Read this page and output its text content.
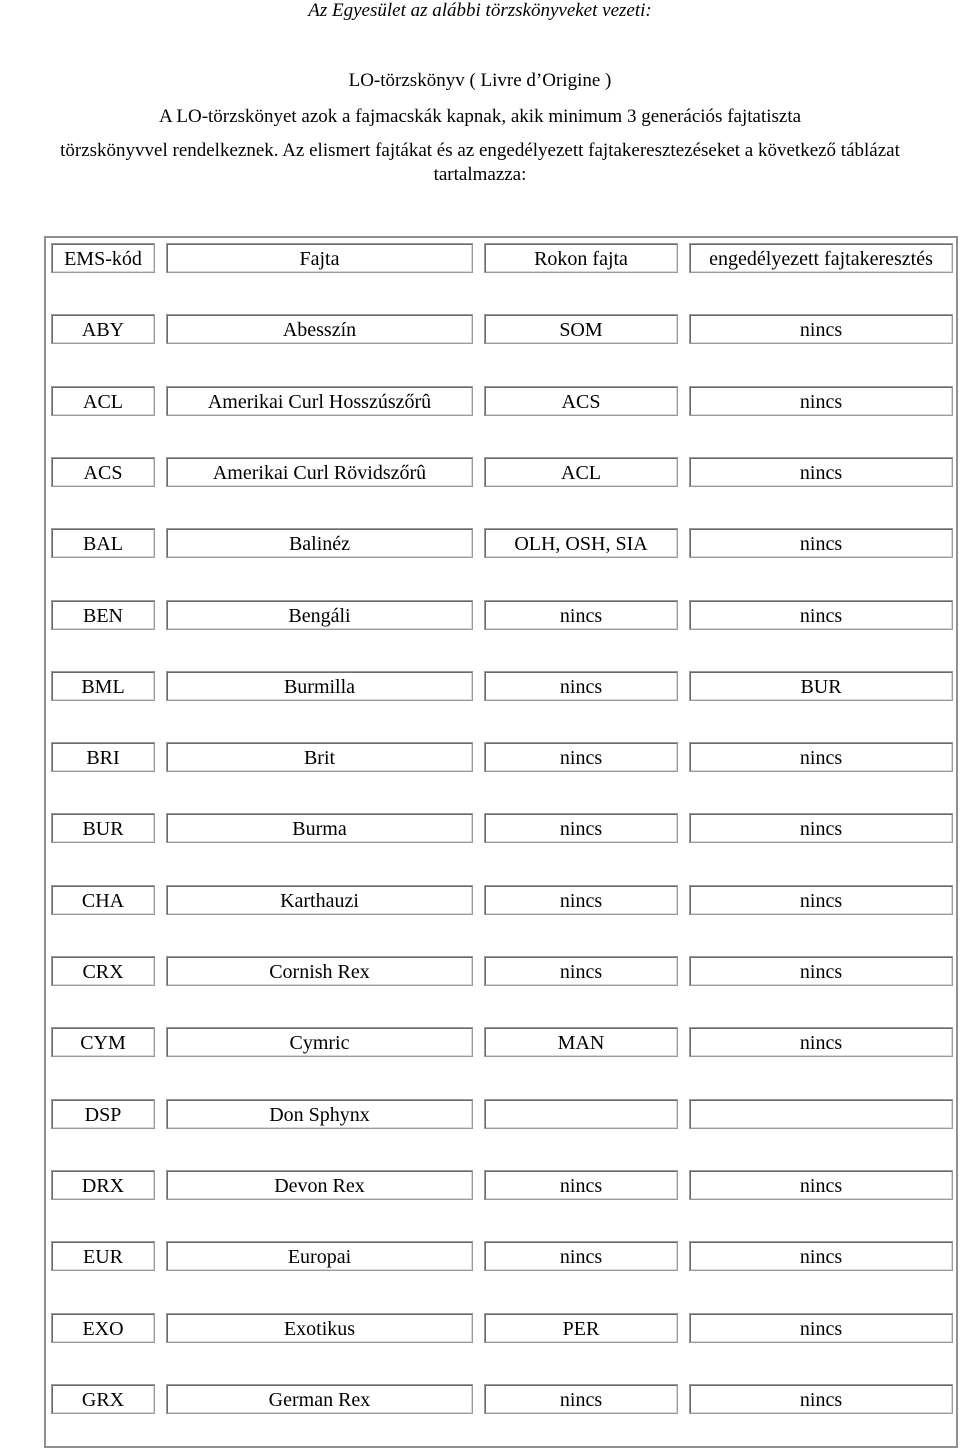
Az Egyesület az alábbi törzskönyveket vezeti:

LO-törzskönyv ( Livre d’Origine )

A LO-törzskönyet azok a fajmacskák kapnak, akik minimum 3 generációs fajtatiszta

törzskönyvvel rendelkeznek. Az elismert fajtákat és az engedélyezett fajtakeresztezéseket a következő táblázat

tartalmazza:

EMS-kód	Fajta	Rokon fajta	engedélyezett fajtakeresztés
ABY	Abesszín	SOM	nincs
ACL	Amerikai Curl Hosszúszőrû	ACS	nincs
ACS	Amerikai Curl Rövidszőrû	ACL	nincs
BAL	Balinéz	OLH, OSH, SIA	nincs
BEN	Bengáli	nincs	nincs
BML	Burmilla	nincs	BUR
BRI	Brit	nincs	nincs
BUR	Burma	nincs	nincs
CHA	Karthauzi	nincs	nincs
CRX	Cornish Rex	nincs	nincs
CYM	Cymric	MAN	nincs
DSP	Don Sphynx
DRX	Devon Rex	nincs	nincs
EUR	Europai	nincs	nincs
EXO	Exotikus	PER	nincs
GRX	German Rex	nincs	nincs
